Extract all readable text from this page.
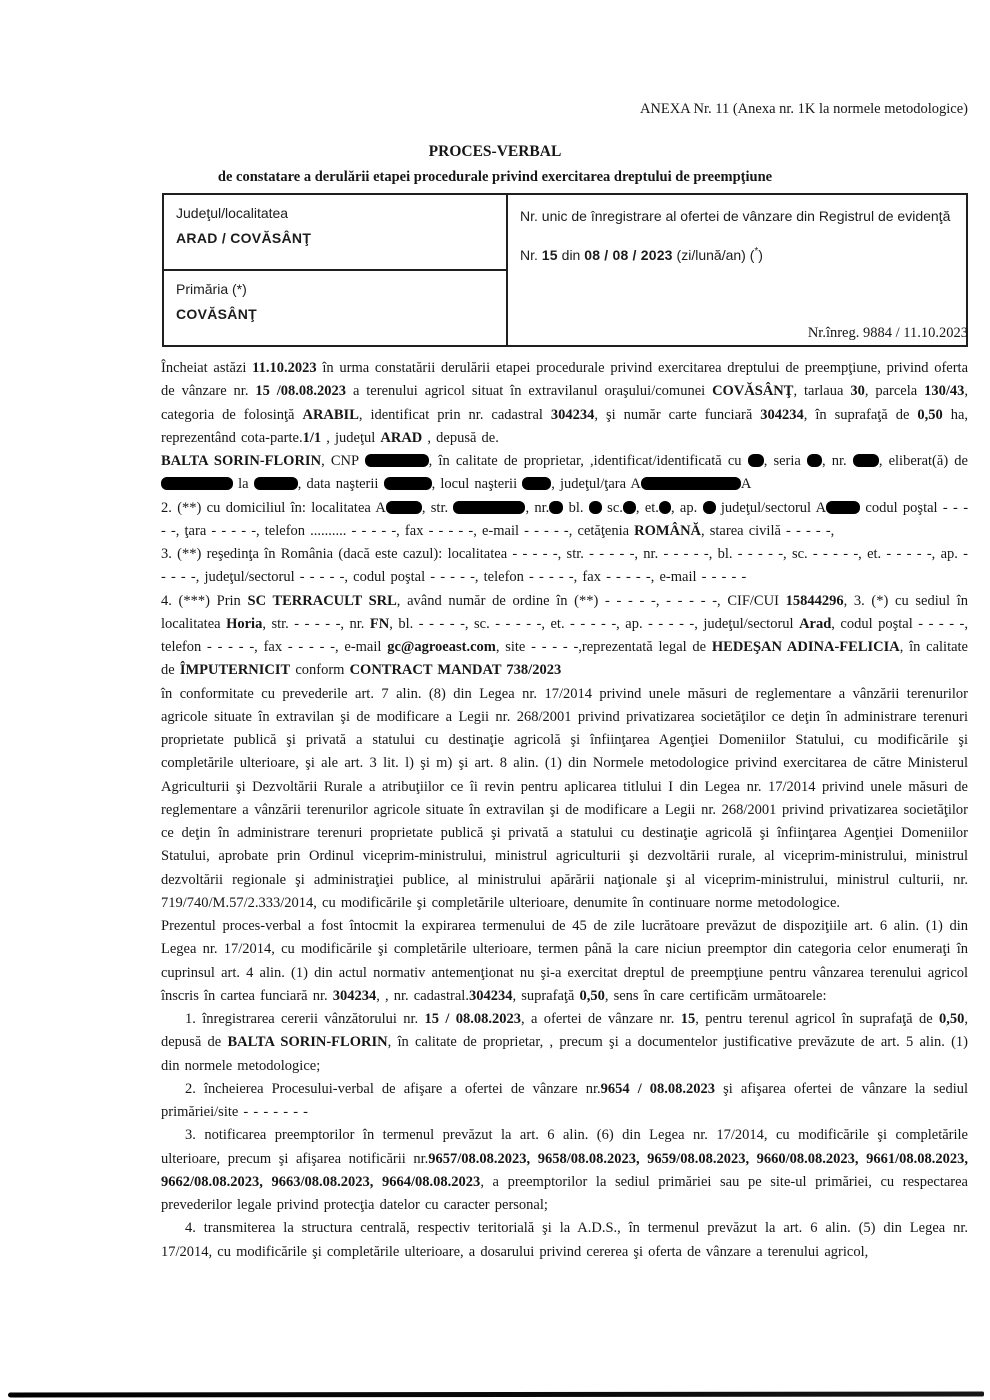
ANEXA Nr. 11 (Anexa nr. 1K la normele metodologice)
PROCES-VERBAL
de constatare a derulării etapei procedurale privind exercitarea dreptului de preempţiune
Judeţul/localitatea
ARAD / COVĂSÂNŢ

Nr. unic de înregistrare al ofertei de vânzare din Registrul de evidenţă
Nr. 15 din 08 / 08 / 2023 (zi/lună/an) (*)

Primăria (*)
COVĂSÂNŢ
Nr.înreg. 9884 / 11.10.2023

Încheiat astăzi 11.10.2023 în urma constatării derulării etapei procedurale privind exercitarea dreptului de preempţiune, privind oferta de vânzare nr. 15 /08.08.2023 a terenului agricol situat în extravilanul oraşului/comunei COVĂSÂNŢ, tarlaua 30, parcela 130/43, categoria de folosinţă ARABIL, identificat prin nr. cadastral 304234, şi număr carte funciară 304234, în suprafaţă de 0,50 ha, reprezentând cota-parte.1/1 , judeţul ARAD , depusă de.

BALTA SORIN-FLORIN, CNP	, în calitate de proprietar, ,identificat/identificată cu , seria , nr. , eliberat(ă) de  la	, data naşterii	, locul naşterii , judeţul/ţara A	A

2. (**) cu domiciliul în: localitatea A , str.	, nr. bl.  sc. , et. , ap.  judeţul/sectorul A codul poştal - - - - -, ţara - - - - -, telefon .......... - - - - -, fax - - - - -, e-mail - - - - -, cetăţenia ROMÂNĂ, starea civilă - - - - -,

3. (**) reşedinţa în România (dacă este cazul): localitatea - - - - -, str. - - - - -, nr. - - - - -, bl. - - - - -, sc. - - - - -, et. - - - - -, ap. - - - - -, judeţul/sectorul - - - - -, codul poştal - - - - -, telefon - - - - -, fax - - - - -, e-mail - - - - -

4. (***) Prin SC TERRACULT SRL, având număr de ordine în (**) - - - - -, - - - - -, CIF/CUI 15844296, 3. (*) cu sediul în localitatea Horia, str. - - - - -, nr. FN, bl. - - - - -, sc. - - - - -, et. - - - - -, ap. - - - - -, judeţul/sectorul Arad, codul poştal - - - - -, telefon - - - - -, fax - - - - -, e-mail gc@agroeast.com, site - - - - -,reprezentată legal de HEDEŞAN ADINA-FELICIA, în calitate de ÎMPUTERNICIT conform CONTRACT MANDAT 738/2023

în conformitate cu prevederile art. 7 alin. (8) din Legea nr. 17/2014 privind unele măsuri de reglementare a vânzării terenurilor agricole situate în extravilan şi de modificare a Legii nr. 268/2001 privind privatizarea societăţilor ce deţin în administrare terenuri proprietate publică şi privată a statului cu destinaţie agricolă şi înfiinţarea Agenţiei Domeniilor Statului, cu modificările şi completările ulterioare, şi ale art. 3 lit. l) şi m) şi art. 8 alin. (1) din Normele metodologice privind exercitarea de către Ministerul Agriculturii şi Dezvoltării Rurale a atribuţiilor ce îi revin pentru aplicarea titlului I din Legea nr. 17/2014 privind unele măsuri de reglementare a vânzării terenurilor agricole situate în extravilan şi de modificare a Legii nr. 268/2001 privind privatizarea societăţilor ce deţin în administrare terenuri proprietate publică şi privată a statului cu destinaţie agricolă şi înfiinţarea Agenţiei Domeniilor Statului, aprobate prin Ordinul viceprim-ministrului, ministrul agriculturii şi dezvoltării rurale, al viceprim-ministrului, ministrul dezvoltării regionale şi administraţiei publice, al ministrului apărării naţionale şi al viceprim-ministrului, ministrul culturii, nr. 719/740/M.57/2.333/2014, cu modificările şi completările ulterioare, denumite în continuare norme metodologice.

Prezentul proces-verbal a fost întocmit la expirarea termenului de 45 de zile lucrătoare prevăzut de dispoziţiile art. 6 alin. (1) din Legea nr. 17/2014, cu modificările şi completările ulterioare, termen până la care niciun preemptor din categoria celor enumeraţi în cuprinsul art. 4 alin. (1) din actul normativ antemenţionat nu şi-a exercitat dreptul de preempţiune pentru vânzarea terenului agricol înscris în cartea funciară nr. 304234, , nr. cadastral.304234, suprafaţă 0,50, sens în care certificăm următoarele:

1. înregistrarea cererii vânzătorului nr. 15 / 08.08.2023, a ofertei de vânzare nr. 15, pentru terenul agricol în suprafaţă de 0,50, depusă de BALTA SORIN-FLORIN, în calitate de proprietar, , precum şi a documentelor justificative prevăzute de art. 5 alin. (1) din normele metodologice;

2. încheierea Procesului-verbal de afişare a ofertei de vânzare nr.9654 / 08.08.2023 şi afişarea ofertei de vânzare la sediul primăriei/site - - - - - - -

3. notificarea preemptorilor în termenul prevăzut la art. 6 alin. (6) din Legea nr. 17/2014, cu modificările şi completările ulterioare, precum şi afişarea notificării nr.9657/08.08.2023, 9658/08.08.2023, 9659/08.08.2023, 9660/08.08.2023, 9661/08.08.2023, 9662/08.08.2023, 9663/08.08.2023, 9664/08.08.2023, a preemptorilor la sediul primăriei sau pe site-ul primăriei, cu respectarea prevederilor legale privind protecţia datelor cu caracter personal;

4. transmiterea la structura centrală, respectiv teritorială şi la A.D.S., în termenul prevăzut la art. 6 alin. (5) din Legea nr. 17/2014, cu modificările şi completările ulterioare, a dosarului privind cererea şi oferta de vânzare a terenului agricol,
